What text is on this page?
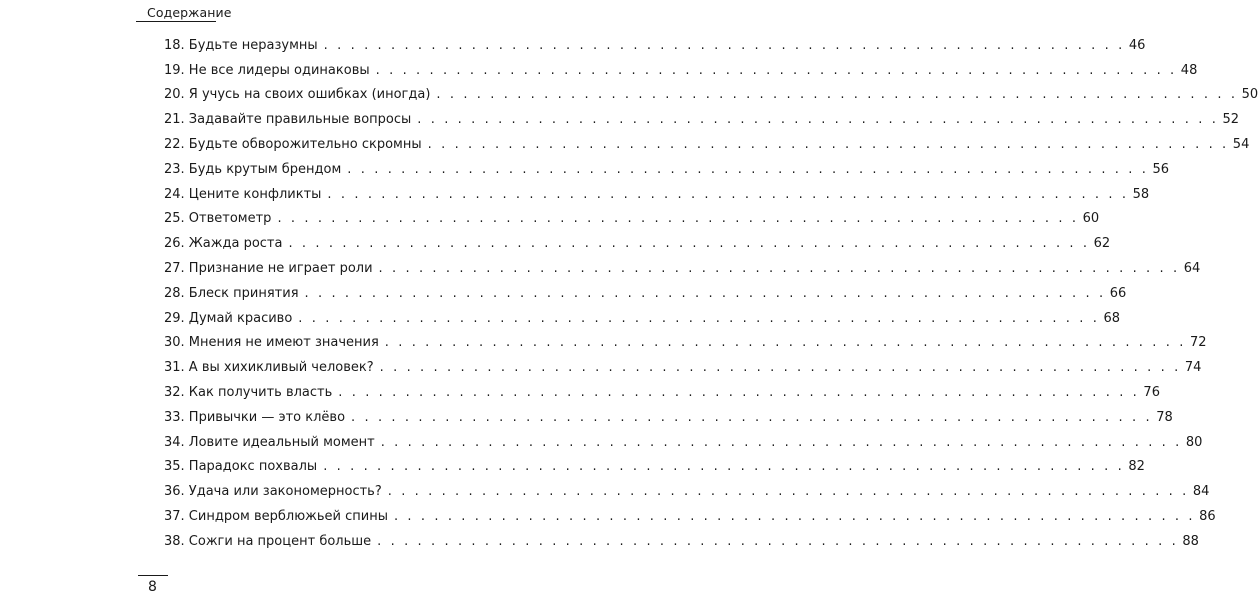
Содержание
18. Будьте неразумны . . . . . . . . . . . . . . . . . . . . . . . . . . . . . . . . . . . . . . . . . . . . . . . . . . . . . . . . . . . . 46
19. Не все лидеры одинаковы . . . . . . . . . . . . . . . . . . . . . . . . . . . . . . . . . . . . . . . . . . . . . . . . . . . . . . . . . . . . 48
20. Я учусь на своих ошибках (иногда) . . . . . . . . . . . . . . . . . . . . . . . . . . . . . . . . . . . . . . . . . . . . . . . . . . . . . . . . . . . . 50
21. Задавайте правильные вопросы . . . . . . . . . . . . . . . . . . . . . . . . . . . . . . . . . . . . . . . . . . . . . . . . . . . . . . . . . . . . 52
22. Будьте обворожительно скромны . . . . . . . . . . . . . . . . . . . . . . . . . . . . . . . . . . . . . . . . . . . . . . . . . . . . . . . . . . . . 54
23. Будь крутым брендом . . . . . . . . . . . . . . . . . . . . . . . . . . . . . . . . . . . . . . . . . . . . . . . . . . . . . . . . . . . . 56
24. Цените конфликты . . . . . . . . . . . . . . . . . . . . . . . . . . . . . . . . . . . . . . . . . . . . . . . . . . . . . . . . . . . . 58
25. Ответометр . . . . . . . . . . . . . . . . . . . . . . . . . . . . . . . . . . . . . . . . . . . . . . . . . . . . . . . . . . . . 60
26. Жажда роста . . . . . . . . . . . . . . . . . . . . . . . . . . . . . . . . . . . . . . . . . . . . . . . . . . . . . . . . . . . . 62
27. Признание не играет роли . . . . . . . . . . . . . . . . . . . . . . . . . . . . . . . . . . . . . . . . . . . . . . . . . . . . . . . . . . . . 64
28. Блеск принятия . . . . . . . . . . . . . . . . . . . . . . . . . . . . . . . . . . . . . . . . . . . . . . . . . . . . . . . . . . . . 66
29. Думай красиво . . . . . . . . . . . . . . . . . . . . . . . . . . . . . . . . . . . . . . . . . . . . . . . . . . . . . . . . . . . . 68
30. Мнения не имеют значения . . . . . . . . . . . . . . . . . . . . . . . . . . . . . . . . . . . . . . . . . . . . . . . . . . . . . . . . . . . . 72
31. А вы хихикливый человек? . . . . . . . . . . . . . . . . . . . . . . . . . . . . . . . . . . . . . . . . . . . . . . . . . . . . . . . . . . . . 74
32. Как получить власть . . . . . . . . . . . . . . . . . . . . . . . . . . . . . . . . . . . . . . . . . . . . . . . . . . . . . . . . . . . . 76
33. Привычки — это клёво . . . . . . . . . . . . . . . . . . . . . . . . . . . . . . . . . . . . . . . . . . . . . . . . . . . . . . . . . . . . 78
34. Ловите идеальный момент . . . . . . . . . . . . . . . . . . . . . . . . . . . . . . . . . . . . . . . . . . . . . . . . . . . . . . . . . . . . 80
35. Парадокс похвалы . . . . . . . . . . . . . . . . . . . . . . . . . . . . . . . . . . . . . . . . . . . . . . . . . . . . . . . . . . . . 82
36. Удача или закономерность? . . . . . . . . . . . . . . . . . . . . . . . . . . . . . . . . . . . . . . . . . . . . . . . . . . . . . . . . . . . . 84
37. Синдром верблюжьей спины . . . . . . . . . . . . . . . . . . . . . . . . . . . . . . . . . . . . . . . . . . . . . . . . . . . . . . . . . . . . 86
38. Сожги на процент больше . . . . . . . . . . . . . . . . . . . . . . . . . . . . . . . . . . . . . . . . . . . . . . . . . . . . . . . . . . . . 88
8
